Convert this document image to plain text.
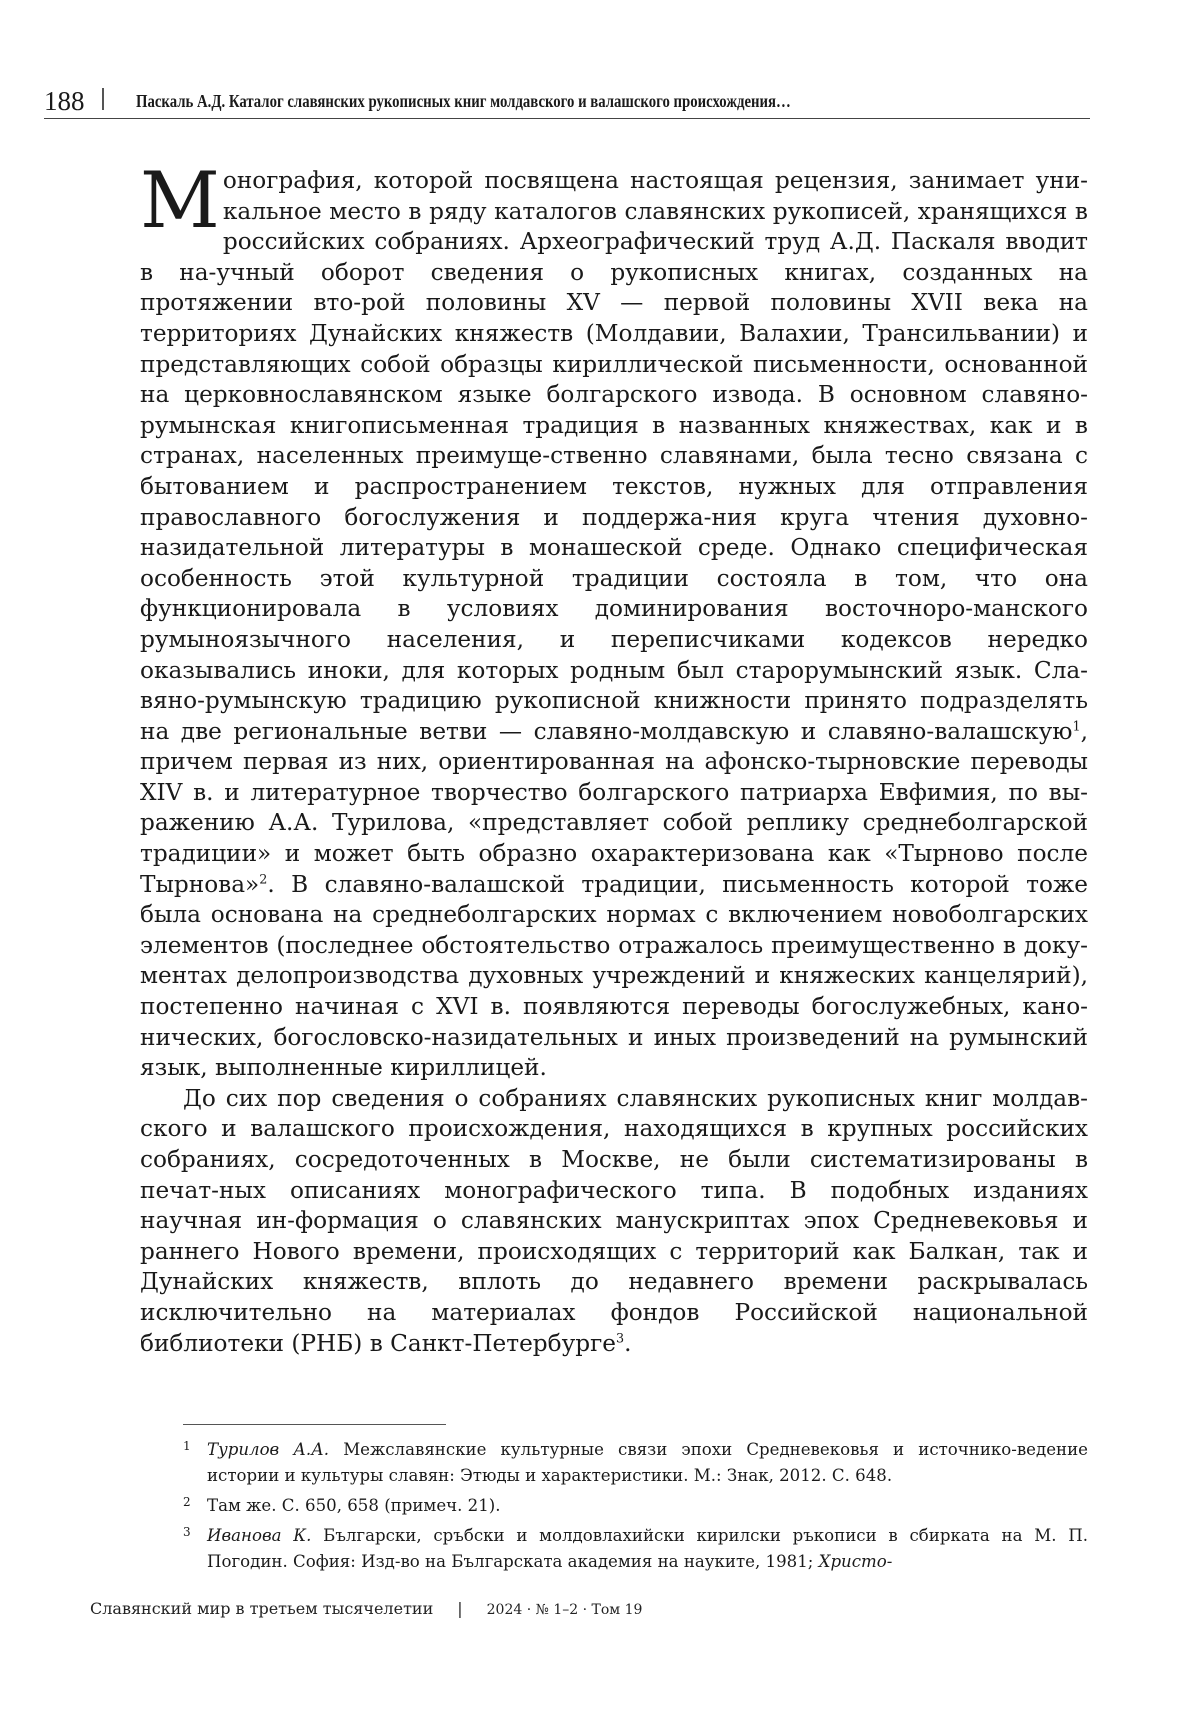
188	Паскаль А.Д. Каталог славянских рукописных книг молдавского и валашского происхождения…

Монография, которой посвящена настоящая рецензия, занимает уни-кальное место в ряду каталогов славянских рукописей, хранящихся в российских собраниях. Археографический труд А.Д. Паскаля вводит в на-учный оборот сведения о рукописных книгах, созданных на протяжении вто-рой половины XV — первой половины XVII века на территориях Дунайских княжеств (Молдавии, Валахии, Трансильвании) и представляющих собой образцы кириллической письменности, основанной на церковнославянском языке болгарского извода. В основном славяно-румынская книгописьменная традиция в названных княжествах, как и в странах, населенных преимуще-ственно славянами, была тесно связана с бытованием и распространением текстов, нужных для отправления православного богослужения и поддержа-ния круга чтения духовно-назидательной литературы в монашеской среде. Однако специфическая особенность этой культурной традиции состояла в том, что она функционировала в условиях доминирования восточноро-манского румыноязычного населения, и переписчиками кодексов нередко оказывались иноки, для которых родным был старорумынский язык. Сла-вяно-румынскую традицию рукописной книжности принято подразделять на две региональные ветви — славяно-молдавскую и славяно-валашскую$^1$, причем первая из них, ориентированная на афонско-тырновские переводы XIV в. и литературное творчество болгарского патриарха Евфимия, по вы-ражению А.А. Турилова, «представляет собой реплику среднеболгарской традиции» и может быть образно охарактеризована как «Тырново после Тырнова»$^2$. В славяно-валашской традиции, письменность которой тоже была основана на среднеболгарских нормах с включением новоболгарских элементов (последнее обстоятельство отражалось преимущественно в доку-ментах делопроизводства духовных учреждений и княжеских канцелярий), постепенно начиная с XVI в. появляются переводы богослужебных, кано-нических, богословско-назидательных и иных произведений на румынский язык, выполненные кириллицей.

До сих пор сведения о собраниях славянских рукописных книг молдав-ского и валашского происхождения, находящихся в крупных российских собраниях, сосредоточенных в Москве, не были систематизированы в печат-ных описаниях монографического типа. В подобных изданиях научная ин-формация о славянских манускриптах эпох Средневековья и раннего Нового времени, происходящих с территорий как Балкан, так и Дунайских княжеств, вплоть до недавнего времени раскрывалась исключительно на материалах фондов Российской национальной библиотеки (РНБ) в Санкт-Петербурге$^3$.

1 Турилов А.А. Межславянские культурные связи эпохи Средневековья и источнико-ведение истории и культуры славян: Этюды и характеристики. М.: Знак, 2012. С. 648.
2 Там же. С. 650, 658 (примеч. 21).
3 Иванова К. Български, сръбски и молдовлахийски кирилски ръкописи в сбирката на М. П. Погодин. София: Изд-во на Българската академия на науките, 1981; Христо-
Славянский мир в третьем тысячелетии | 2024 · № 1–2 · Том 19
